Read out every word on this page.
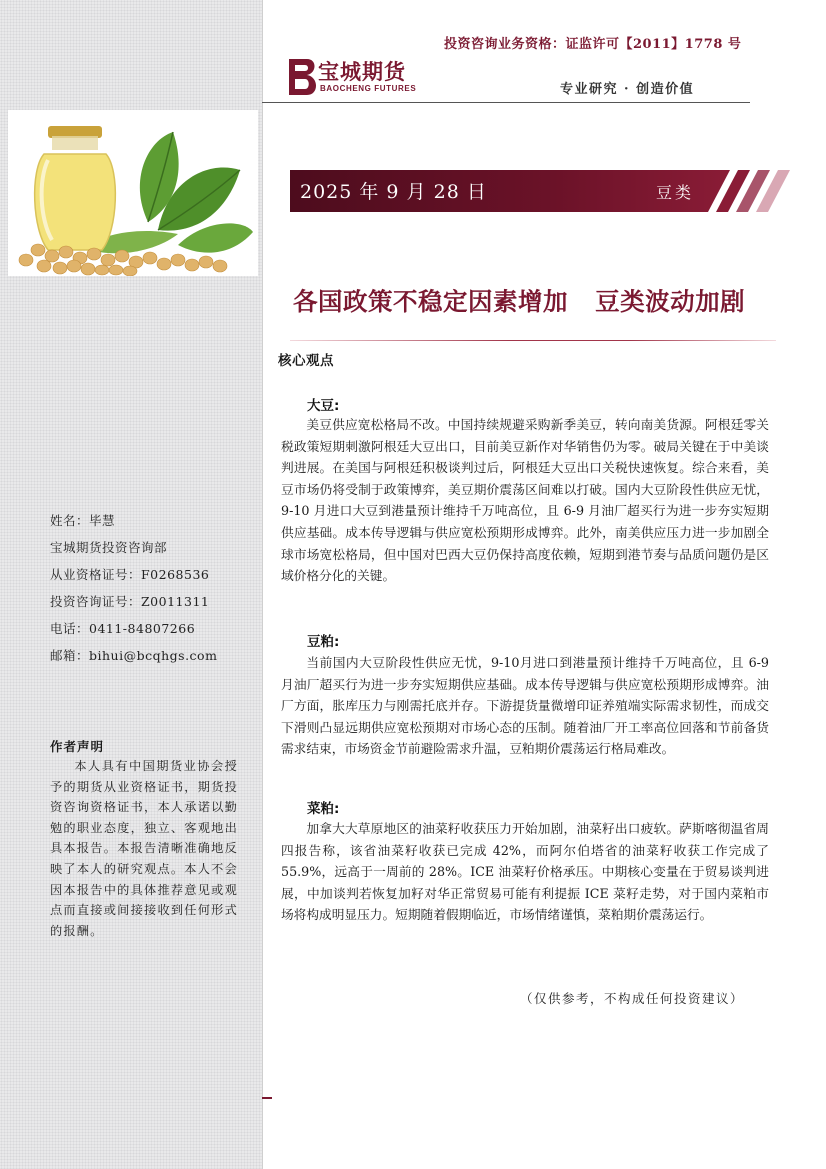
姓名：毕慧
宝城期货投资咨询部
从业资格证号：F0268536
投资咨询证号：Z0011311
电话：0411-84807266
邮箱：bihui@bcqhgs.com
作者声明
本人具有中国期货业协会授予的期货从业资格证书，期货投资咨询资格证书，本人承诺以勤勉的职业态度，独立、客观地出具本报告。本报告清晰准确地反映了本人的研究观点。本人不会因本报告中的具体推荐意见或观点而直接或间接接收到任何形式的报酬。
投资咨询业务资格：证监许可【2011】1778 号
宝城期货
BAOCHENG FUTURES	专业研究 · 创造价值
2025 年 9 月 28 日	豆类
各国政策不稳定因素增加   豆类波动加剧
核心观点
大豆:
美豆供应宽松格局不改。中国持续规避采购新季美豆，转向南美货源。阿根廷零关税政策短期刺激阿根廷大豆出口，目前美豆新作对华销售仍为零。破局关键在于中美谈判进展。在美国与阿根廷积极谈判过后，阿根廷大豆出口关税快速恢复。综合来看，美豆市场仍将受制于政策博弈，美豆期价震荡区间难以打破。国内大豆阶段性供应无忧，9-10 月进口大豆到港量预计维持千万吨高位，且 6-9 月油厂超买行为进一步夯实短期供应基础。成本传导逻辑与供应宽松预期形成博弈。此外，南美供应压力进一步加剧全球市场宽松格局，但中国对巴西大豆仍保持高度依赖，短期到港节奏与品质问题仍是区域价格分化的关键。
豆粕:
当前国内大豆阶段性供应无忧，9-10月进口到港量预计维持千万吨高位，且 6-9 月油厂超买行为进一步夯实短期供应基础。成本传导逻辑与供应宽松预期形成博弈。油厂方面，胀库压力与刚需托底并存。下游提货量微增印证养殖端实际需求韧性，而成交下滑则凸显远期供应宽松预期对市场心态的压制。随着油厂开工率高位回落和节前备货需求结束，市场资金节前避险需求升温，豆粕期价震荡运行格局难改。
菜粕:
加拿大大草原地区的油菜籽收获压力开始加剧，油菜籽出口疲软。萨斯喀彻温省周四报告称，该省油菜籽收获已完成 42%，而阿尔伯塔省的油菜籽收获工作完成了 55.9%，远高于一周前的 28%。ICE 油菜籽价格承压。中期核心变量在于贸易谈判进展，中加谈判若恢复加籽对华正常贸易可能有利提振 ICE 菜籽走势，对于国内菜粕市场将构成明显压力。短期随着假期临近，市场情绪谨慎，菜粕期价震荡运行。
（仅供参考，不构成任何投资建议）
